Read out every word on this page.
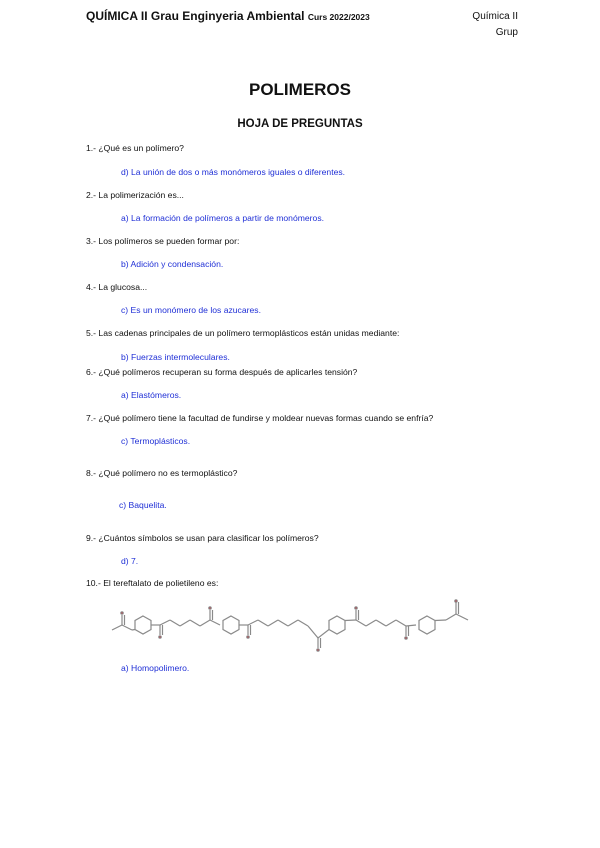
QUÍMICA II Grau Enginyeria Ambiental Curs 2022/2023	Química II
Grup
POLIMEROS
HOJA DE PREGUNTAS
1.- ¿Qué es un polímero?
d) La unión de dos o más monómeros iguales o diferentes.
2.- La polimerización es...
a) La formación de polímeros a partir de monómeros.
3.- Los polímeros se pueden formar por:
b) Adición y condensación.
4.- La glucosa...
c) Es un monómero de los azucares.
5.- Las cadenas principales de un polímero termoplásticos están unidas mediante:
b) Fuerzas intermoleculares.
6.- ¿Qué polímeros recuperan su forma después de aplicarles tensión?
a) Elastómeros.
7.- ¿Qué polímero tiene la facultad de fundirse y moldear nuevas formas cuando se enfría?
c) Termoplásticos.
8.- ¿Qué polímero no es termoplástico?
c) Baquelita.
9.- ¿Cuántos símbolos se usan para clasificar los polímeros?
d) 7.
10.- El tereftalato de polietileno es:
a) Homopolimero.
